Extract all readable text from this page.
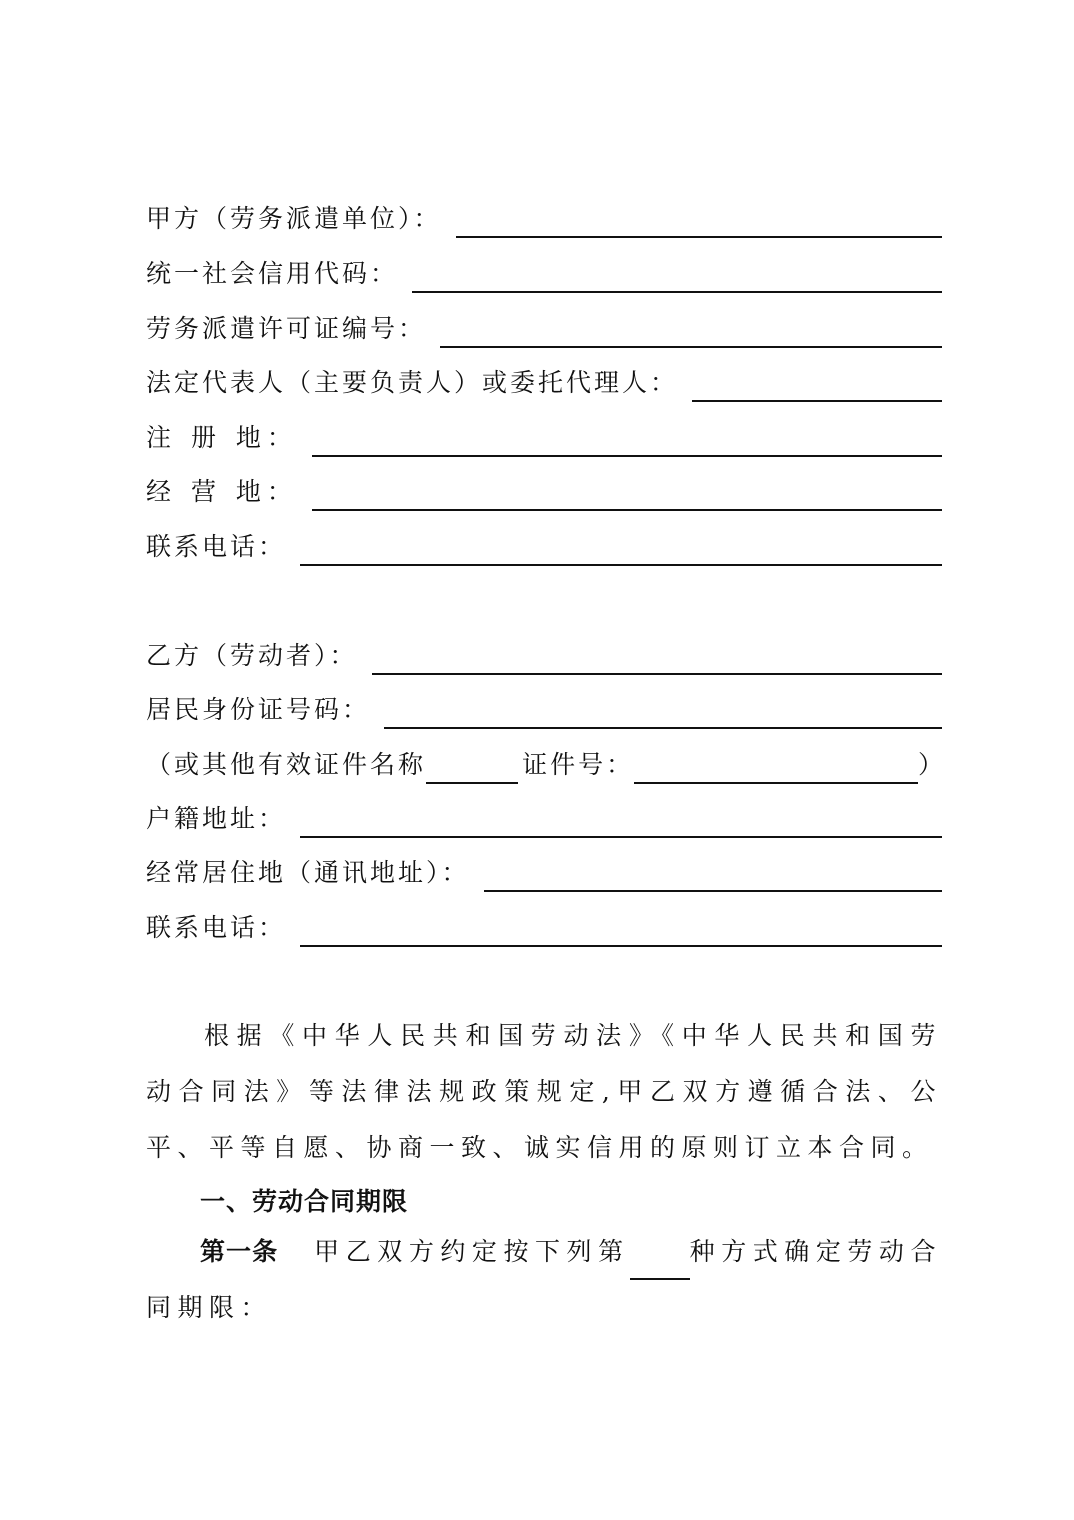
甲方（劳务派遣单位）：
统一社会信用代码：
劳务派遣许可证编号：
法定代表人（主要负责人）或委托代理人：
注 册 地：
经 营 地：
联系电话：
乙方（劳动者）：
居民身份证号码：
（或其他有效证件名称	证件号：	）
户籍地址：
经常居住地（通讯地址）：
联系电话：
根据《中华人民共和国劳动法》《中华人民共和国劳动合同法》等法律法规政策规定,甲乙双方遵循合法、公平、平等自愿、协商一致、诚实信用的原则订立本合同。
一、劳动合同期限
第一条 甲乙双方约定按下列第 种方式确定劳动合同期限：
